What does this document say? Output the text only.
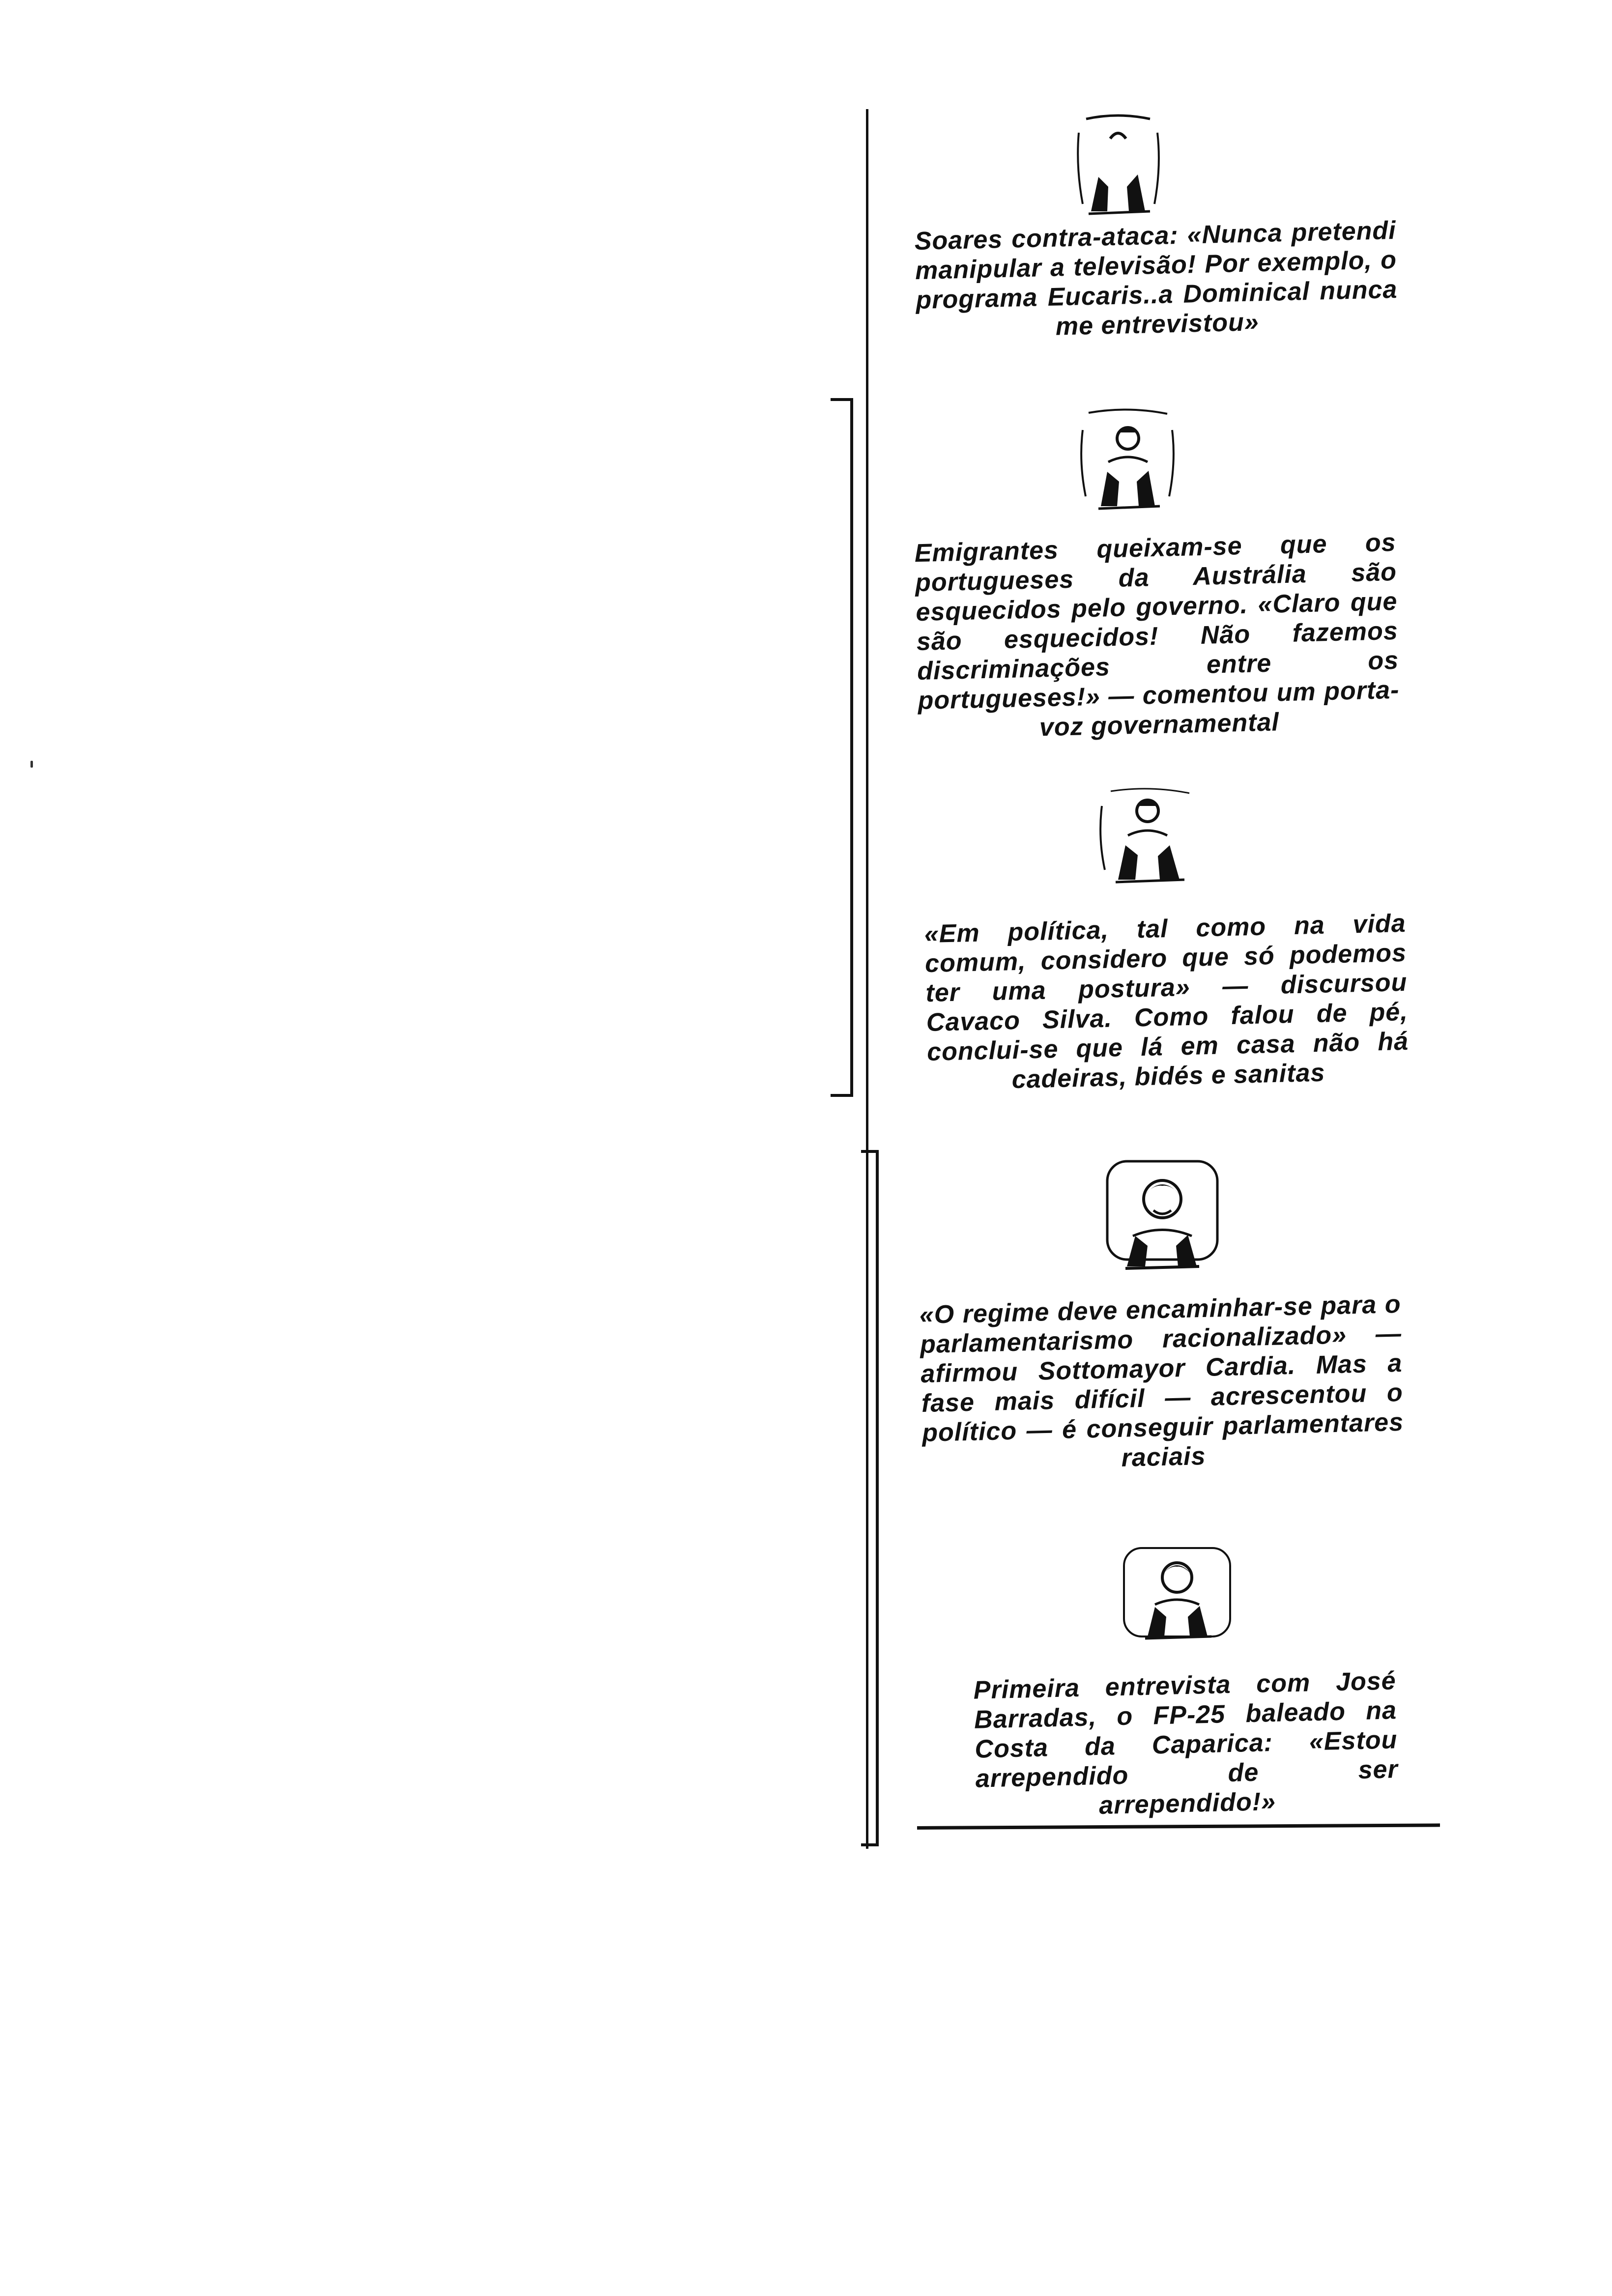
Soares contra-ataca: «Nunca pretendi manipular a televisão! Por exemplo, o programa Eucaris..a Dominical nunca me entrevistou»
Emigrantes queixam-se que os portugueses da Austrália são esquecidos pelo governo. «Claro que são esquecidos! Não fazemos discriminações entre os portugueses!» — comentou um porta-voz governamental
«Em política, tal como na vida comum, considero que só podemos ter uma postura» — discursou Cavaco Silva. Como falou de pé, conclui-se que lá em casa não há cadeiras, bidés e sanitas
«O regime deve encaminhar-se para o parlamentarismo racionalizado» — afirmou Sottomayor Cardia. Mas a fase mais difícil — acrescentou o político — é conseguir parlamentares raciais
Primeira entrevista com José Barradas, o FP-25 baleado na Costa da Caparica: «Estou arrependido de ser arrependido!»
